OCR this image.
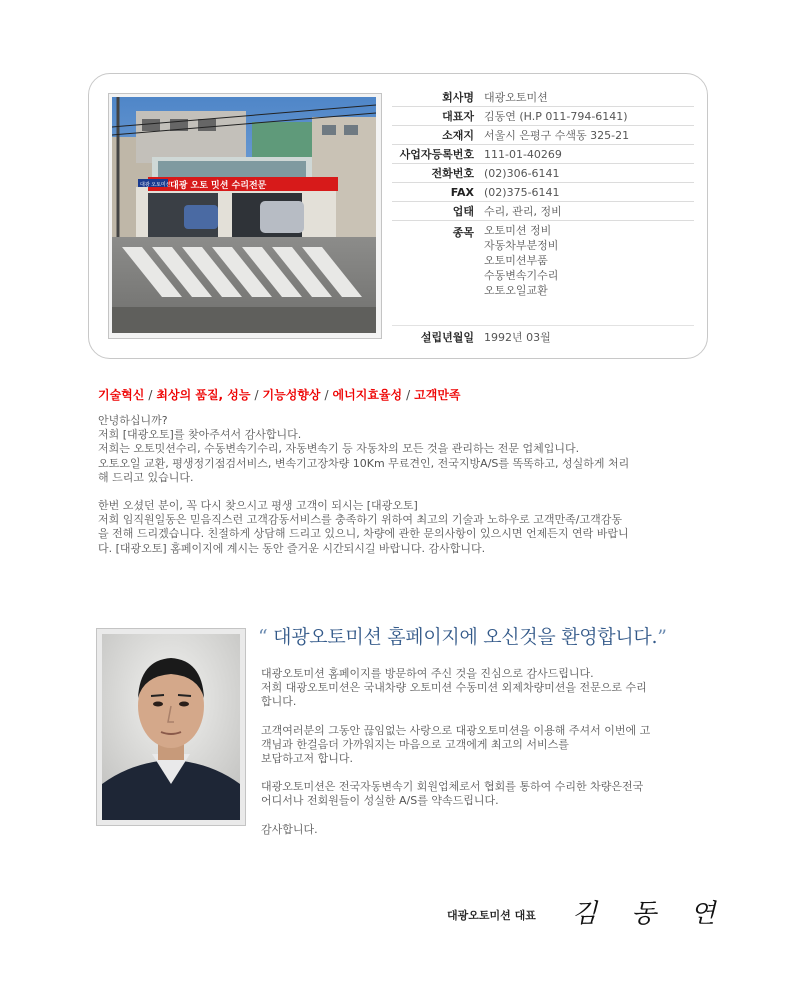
대광 오토 밋션 수리전문
대광 오토미션
회사명 대광오토미션
대표자 김동연 (H.P 011-794-6141)
소재지 서울시 은평구 수색동 325-21
사업자등록번호 111-01-40269
전화번호 (02)306-6141
FAX (02)375-6141
업태 수리, 관리, 정비
종목 오토미션 정비
자동차부분정비
오토미션부품
수동변속기수리
오토오일교환
설립년월일 1992년 03월
기술혁신 / 최상의 품질, 성능 / 기능성향상 / 에너지효율성 / 고객만족

안녕하십니까?

저희 [대광오토]를 찾아주셔서 감사합니다.

저희는 오토밋션수리, 수동변속기수리, 자동변속기 등 자동차의 모든 것을 관리하는 전문 업체입니다.

오토오일 교환, 평생정기점검서비스, 변속기고장차량 10Km 무료견인, 전국지방A/S를 똑똑하고, 성실하게 처리

해 드리고 있습니다.

한번 오셨던 분이, 꼭 다시 찾으시고 평생 고객이 되시는 [대광오토]

저희 임직원일동은 믿음직스런 고객감동서비스를 충족하기 위하여 최고의 기술과 노하우로 고객만족/고객감동

을 전해 드리겠습니다. 친절하게 상담해 드리고 있으니, 차량에 관한 문의사항이 있으시면 언제든지 연락 바랍니

다. [대광오토] 홈페이지에 계시는 동안 즐거운 시간되시길 바랍니다. 감사합니다.

“ 대광오토미션 홈페이지에 오신것을 환영합니다.”

대광오토미션 홈페이지를 방문하여 주신 것을 진심으로 감사드립니다.

저희 대광오토미션은 국내차량 오토미션 수동미션 외제차량미션을 전문으로 수리

합니다.

고객여러분의 그동안 끊임없는 사랑으로 대광오토미션을 이용해 주셔서 이번에 고

객님과 한걸음더 가까워지는 마음으로 고객에게 최고의 서비스를

보답하고저 합니다.

대광오토미션은 전국자동변속기 회원업체로서 협회를 통하여 수리한 차량은전국

어디서나 전회원들이 성실한 A/S를 약속드립니다.

감사합니다.

대광오토미션 대표 김동연
